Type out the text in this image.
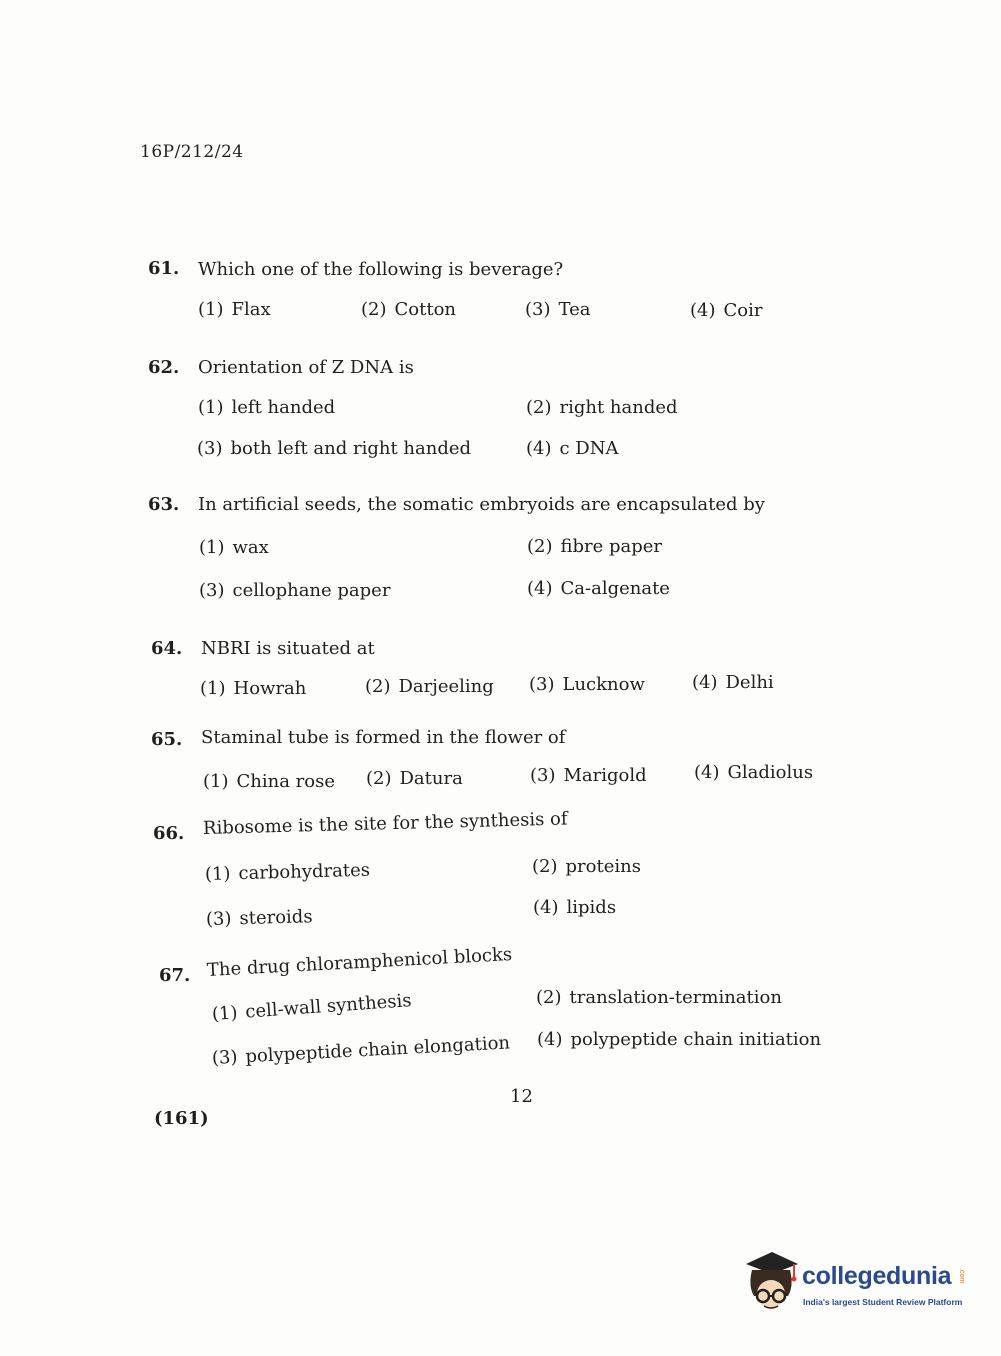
16P/212/24
61. Which one of the following is beverage?
(1) Flax	(2) Cotton	(3) Tea	(4) Coir
62. Orientation of Z DNA is
(1) left handed	(2) right handed
(3) both left and right handed	(4) c DNA
63. In artificial seeds, the somatic embryoids are encapsulated by
(1) wax	(2) fibre paper
(3) cellophane paper	(4) Ca-algenate
64. NBRI is situated at
(1) Howrah	(2) Darjeeling (3) Lucknow	(4) Delhi
65. Staminal tube is formed in the flower of
(1) China rose (2) Datura	(3) Marigold	(4) Gladiolus
66. Ribosome is the site for the synthesis of
(1) carbohydrates	(2) proteins
(3) steroids	(4) lipids
67. The drug chloramphenicol blocks
(1) cell-wall synthesis	(2) translation-termination
(3) polypeptide chain elongation (4) polypeptide chain initiation
12
(161)
collegedunia .com
India's largest Student Review Platform
